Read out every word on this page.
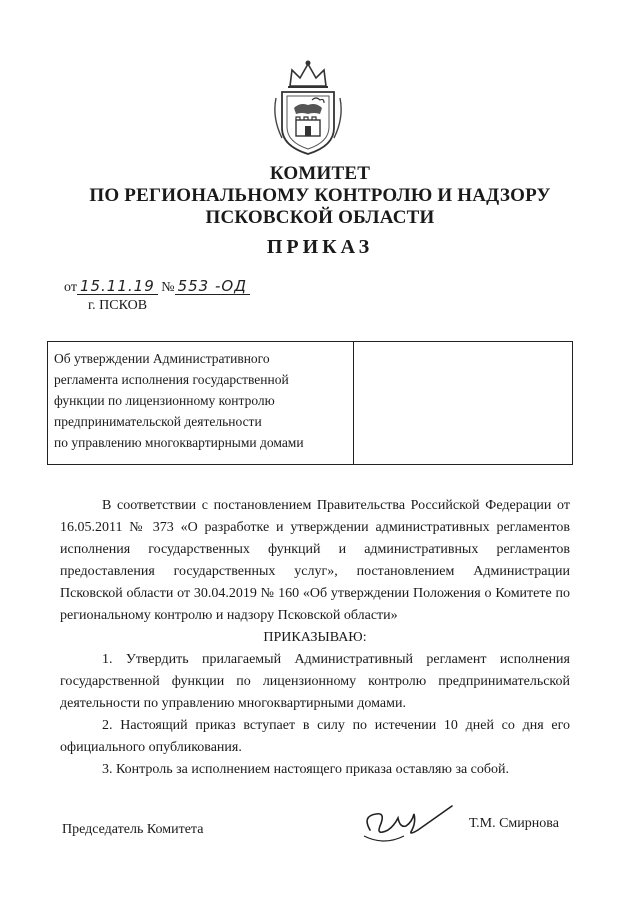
КОМИТЕТ
ПО РЕГИОНАЛЬНОМУ КОНТРОЛЮ И НАДЗОРУ
ПСКОВСКОЙ ОБЛАСТИ
ПРИКАЗ
от 15.11.19 № 553 -ОД
г. ПСКОВ
Об утверждении Административного
регламента исполнения государственной
функции по лицензионному контролю
предпринимательской деятельности
по управлению многоквартирными домами

В соответствии с постановлением Правительства Российской Федерации от 16.05.2011 № 373 «О разработке и утверждении административных регламентов исполнения государственных функций и административных регламентов предоставления государственных услуг», постановлением Администрации Псковской области от 30.04.2019 № 160 «Об утверждении Положения о Комитете по региональному контролю и надзору Псковской области»

ПРИКАЗЫВАЮ:

1. Утвердить прилагаемый Административный регламент исполнения государственной функции по лицензионному контролю предпринимательской деятельности по управлению многоквартирными домами.

2. Настоящий приказ вступает в силу по истечении 10 дней со дня его официального опубликования.

3. Контроль за исполнением настоящего приказа оставляю за собой.

Председатель Комитета	Т.М. Смирнова
